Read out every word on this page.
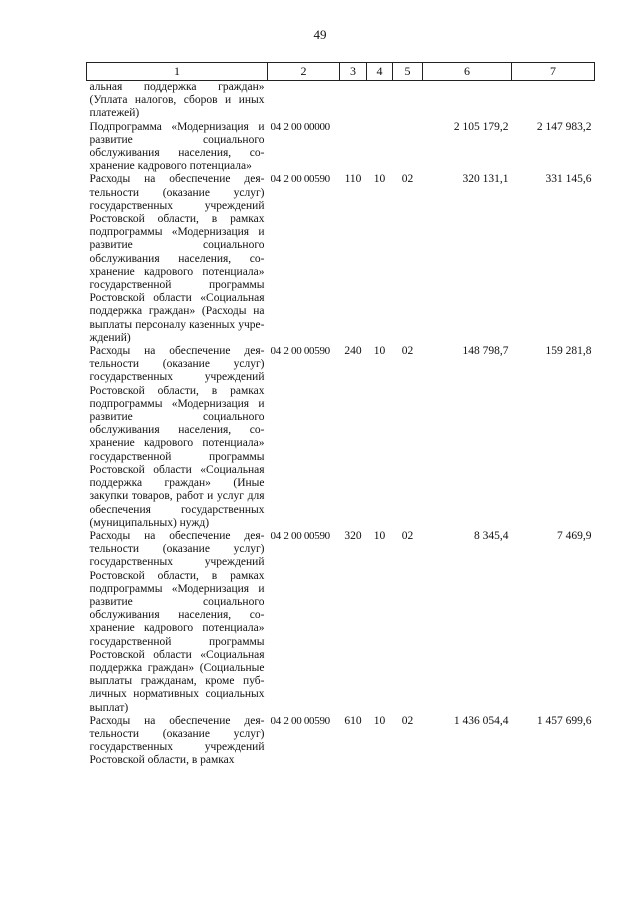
49
1	2	3	4	5	6	7
альная поддержка граждан» (Уплата налогов, сборов и иных платежей)						
Подпрограмма «Модернизация и развитие социального обслуживания населения, сохранение кадрового потенциала»	04 2 00 00000				2 105 179,2	2 147 983,2
Расходы на обеспечение деятельности (оказание услуг) государственных учреждений Ростовской области, в рамках подпрограммы «Модернизация и развитие социального обслуживания населения, сохранение кадрового потенциала» государственной программы Ростовской области «Социальная поддержка граждан» (Расходы на выплаты персоналу казенных учреждений)	04 2 00 00590	110	10	02	320 131,1	331 145,6
Расходы на обеспечение деятельности (оказание услуг) государственных учреждений Ростовской области, в рамках подпрограммы «Модернизация и развитие социального обслуживания населения, сохранение кадрового потенциала» государственной программы Ростовской области «Социальная поддержка граждан» (Иные закупки товаров, работ и услуг для обеспечения государственных (муниципальных) нужд)	04 2 00 00590	240	10	02	148 798,7	159 281,8
Расходы на обеспечение деятельности (оказание услуг) государственных учреждений Ростовской области, в рамках подпрограммы «Модернизация и развитие социального обслуживания населения, сохранение кадрового потенциала» государственной программы Ростовской области «Социальная поддержка граждан» (Социальные выплаты гражданам, кроме публичных нормативных социальных выплат)	04 2 00 00590	320	10	02	8 345,4	7 469,9
Расходы на обеспечение деятельности (оказание услуг) государственных учреждений Ростовской области, в рамках	04 2 00 00590	610	10	02	1 436 054,4	1 457 699,6
